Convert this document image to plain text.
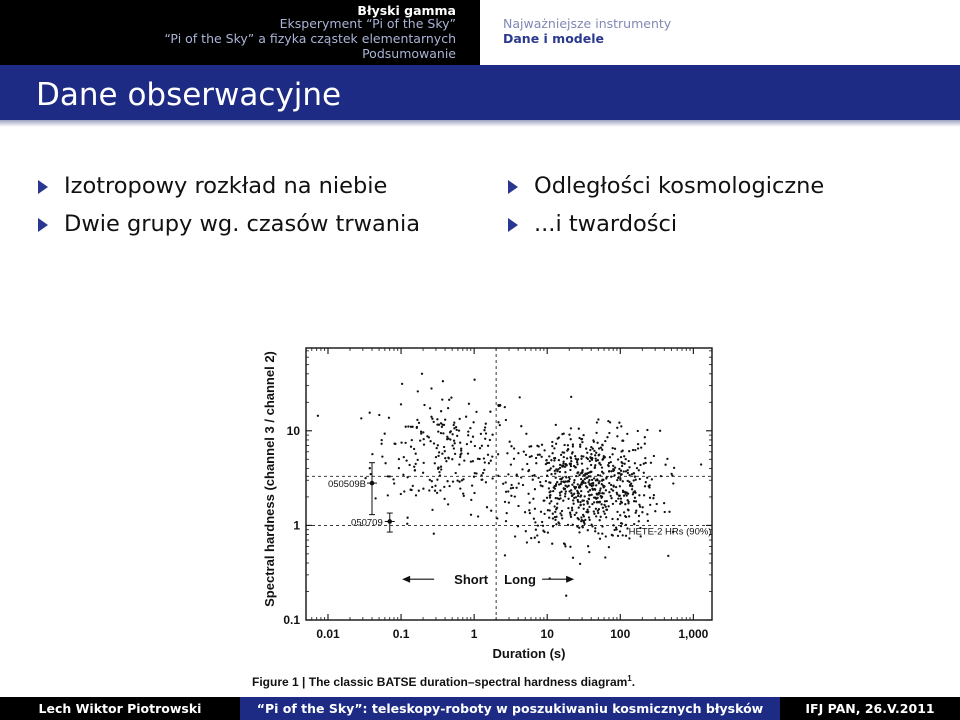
Błyski gamma
Eksperyment “Pi of the Sky”
“Pi of the Sky” a fizyka cząstek elementarnych
Podsumowanie
Najważniejsze instrumenty
Dane i modele
Dane obserwacyjne
Izotropowy rozkład na niebie
Dwie grupy wg. czasów trwania
Odległości kosmologiczne
...i twardości
0.01	0.1	1	10	100	1,000
0.1
1
10
Spectral hardness (channel 3 / channel 2)
Duration (s)
050509B
050709
HETE-2 HRs (90%)
Short Long
Figure 1 | The classic BATSE duration–spectral hardness diagram$^1$.
Lech Wiktor Piotrowski	“Pi of the Sky”: teleskopy-roboty w poszukiwaniu kosmicznych błysków	IFJ PAN, 26.V.2011
